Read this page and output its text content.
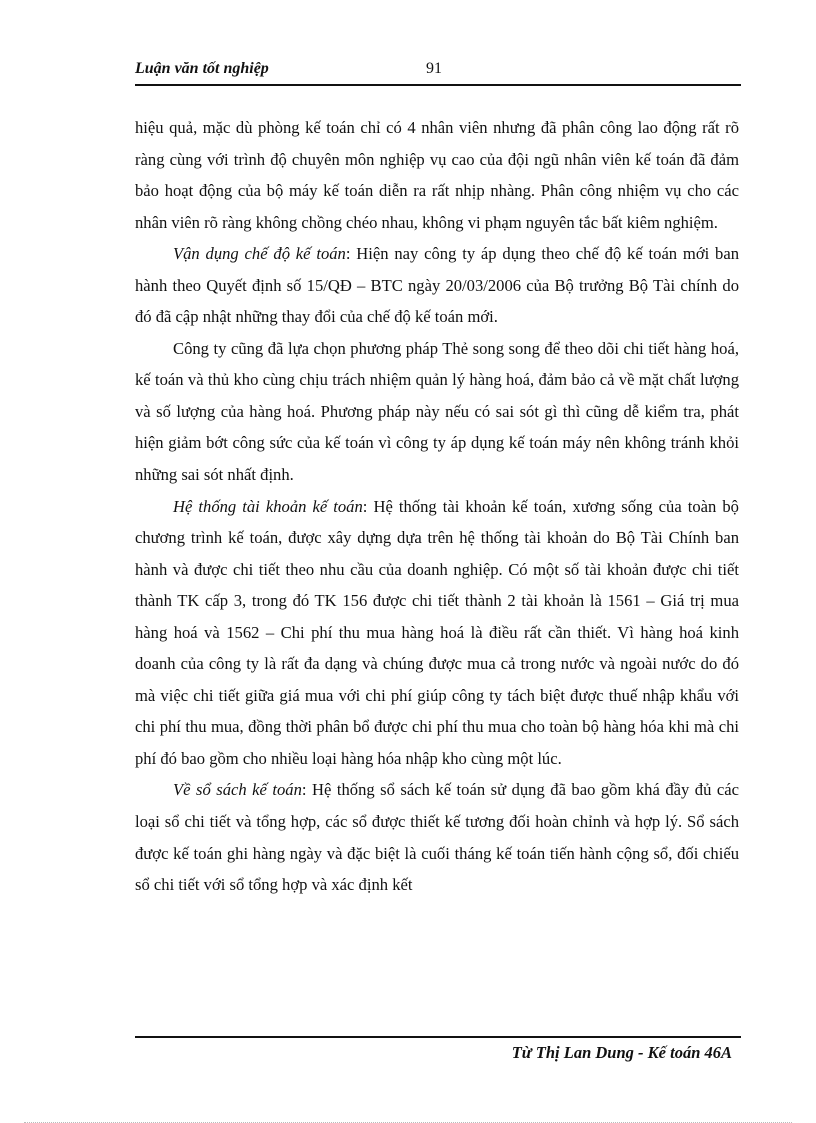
Luận văn tốt nghiệp	91

hiệu quả, mặc dù phòng kế toán chỉ có 4 nhân viên nhưng đã phân công lao động rất rõ ràng cùng với trình độ chuyên môn nghiệp vụ cao của đội ngũ nhân viên kế toán đã đảm bảo hoạt động của bộ máy kế toán diễn ra rất nhịp nhàng. Phân công nhiệm vụ cho các nhân viên rõ ràng không chồng chéo nhau, không vi phạm nguyên tắc bất kiêm nghiệm.

Vận dụng chế độ kế toán: Hiện nay công ty áp dụng theo chế độ kế toán mới ban hành theo Quyết định số 15/QĐ – BTC ngày 20/03/2006 của Bộ trưởng Bộ Tài chính do đó đã cập nhật những thay đổi của chế độ kế toán mới.

Công ty cũng đã lựa chọn phương pháp Thẻ song song để theo dõi chi tiết hàng hoá, kế toán và thủ kho cùng chịu trách nhiệm quản lý hàng hoá, đảm bảo cả về mặt chất lượng và số lượng của hàng hoá. Phương pháp này nếu có sai sót gì thì cũng dễ kiểm tra, phát hiện giảm bớt công sức của kế toán vì công ty áp dụng kế toán máy nên không tránh khỏi những sai sót nhất định.

Hệ thống tài khoản kế toán: Hệ thống tài khoản kế toán, xương sống của toàn bộ chương trình kế toán, được xây dựng dựa trên hệ thống tài khoản do Bộ Tài Chính ban hành và được chi tiết theo nhu cầu của doanh nghiệp. Có một số tài khoản được chi tiết thành TK cấp 3, trong đó TK 156 được chi tiết thành 2 tài khoản là 1561 – Giá trị mua hàng hoá và 1562 – Chi phí thu mua hàng hoá là điều rất cần thiết. Vì hàng hoá kinh doanh của công ty là rất đa dạng và chúng được mua cả trong nước và ngoài nước do đó mà việc chi tiết giữa giá mua với chi phí giúp công ty tách biệt được thuế nhập khẩu với chi phí thu mua, đồng thời phân bổ được chi phí thu mua cho toàn bộ hàng hóa khi mà chi phí đó bao gồm cho nhiều loại hàng hóa nhập kho cùng một lúc.

Về sổ sách kế toán: Hệ thống sổ sách kế toán sử dụng đã bao gồm khá đầy đủ các loại sổ chi tiết và tổng hợp, các sổ được thiết kế tương đối hoàn chỉnh và hợp lý. Sổ sách được kế toán ghi hàng ngày và đặc biệt là cuối tháng kế toán tiến hành cộng sổ, đối chiếu sổ chi tiết với sổ tổng hợp và xác định kết

Từ Thị Lan Dung - Kế toán 46A
